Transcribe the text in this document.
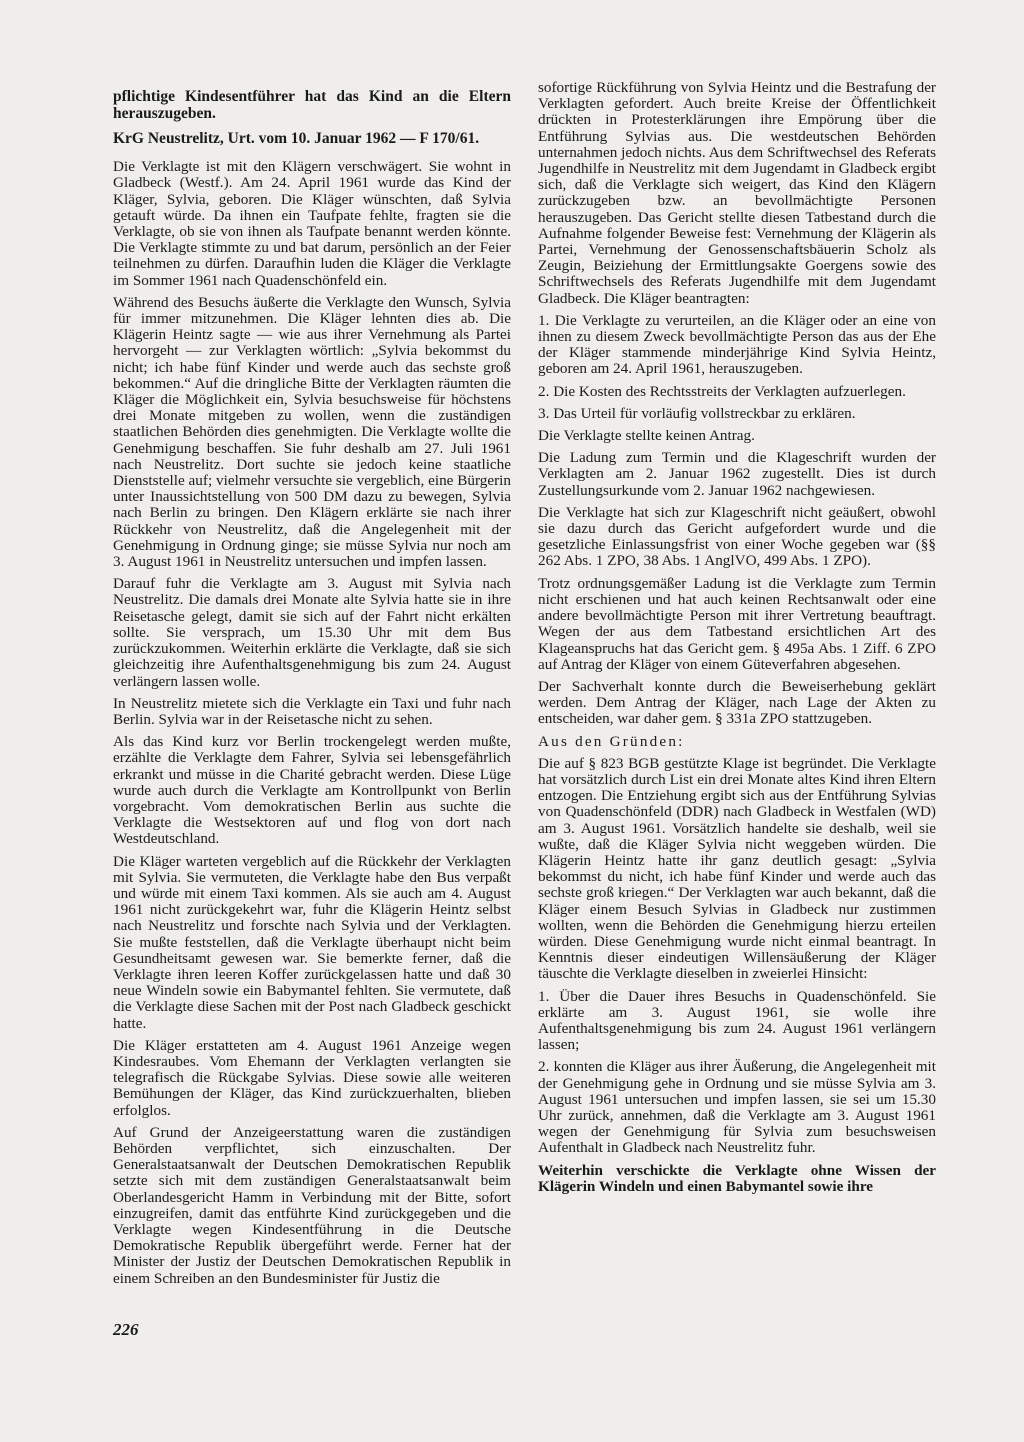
pflichtige Kindesentführer hat das Kind an die Eltern herauszugeben.

KrG Neustrelitz, Urt. vom 10. Januar 1962 — F 170/61.

Die Verklagte ist mit den Klägern verschwägert. Sie wohnt in Gladbeck (Westf.). Am 24. April 1961 wurde das Kind der Kläger, Sylvia, geboren. Die Kläger wünschten, daß Sylvia getauft würde. Da ihnen ein Taufpate fehlte, fragten sie die Verklagte, ob sie von ihnen als Taufpate benannt werden könnte. Die Verklagte stimmte zu und bat darum, persönlich an der Feier teilnehmen zu dürfen. Daraufhin luden die Kläger die Verklagte im Sommer 1961 nach Quadenschönfeld ein.

Während des Besuchs äußerte die Verklagte den Wunsch, Sylvia für immer mitzunehmen. Die Kläger lehnten dies ab. Die Klägerin Heintz sagte — wie aus ihrer Vernehmung als Partei hervorgeht — zur Verklagten wörtlich: „Sylvia bekommst du nicht; ich habe fünf Kinder und werde auch das sechste groß bekommen.“ Auf die dringliche Bitte der Verklagten räumten die Kläger die Möglichkeit ein, Sylvia besuchsweise für höchstens drei Monate mitgeben zu wollen, wenn die zuständigen staatlichen Behörden dies genehmigten. Die Verklagte wollte die Genehmigung beschaffen. Sie fuhr deshalb am 27. Juli 1961 nach Neustrelitz. Dort suchte sie jedoch keine staatliche Dienststelle auf; vielmehr versuchte sie vergeblich, eine Bürgerin unter Inaussichtstellung von 500 DM dazu zu bewegen, Sylvia nach Berlin zu bringen. Den Klägern erklärte sie nach ihrer Rückkehr von Neustrelitz, daß die Angelegenheit mit der Genehmigung in Ordnung ginge; sie müsse Sylvia nur noch am 3. August 1961 in Neustrelitz untersuchen und impfen lassen.

Darauf fuhr die Verklagte am 3. August mit Sylvia nach Neustrelitz. Die damals drei Monate alte Sylvia hatte sie in ihre Reisetasche gelegt, damit sie sich auf der Fahrt nicht erkälten sollte. Sie versprach, um 15.30 Uhr mit dem Bus zurückzukommen. Weiterhin erklärte die Verklagte, daß sie sich gleichzeitig ihre Aufenthaltsgenehmigung bis zum 24. August verlängern lassen wolle.

In Neustrelitz mietete sich die Verklagte ein Taxi und fuhr nach Berlin. Sylvia war in der Reisetasche nicht zu sehen.

Als das Kind kurz vor Berlin trockengelegt werden mußte, erzählte die Verklagte dem Fahrer, Sylvia sei lebensgefährlich erkrankt und müsse in die Charité gebracht werden. Diese Lüge wurde auch durch die Verklagte am Kontrollpunkt von Berlin vorgebracht. Vom demokratischen Berlin aus suchte die Verklagte die Westsektoren auf und flog von dort nach Westdeutschland.

Die Kläger warteten vergeblich auf die Rückkehr der Verklagten mit Sylvia. Sie vermuteten, die Verklagte habe den Bus verpaßt und würde mit einem Taxi kommen. Als sie auch am 4. August 1961 nicht zurückgekehrt war, fuhr die Klägerin Heintz selbst nach Neustrelitz und forschte nach Sylvia und der Verklagten. Sie mußte feststellen, daß die Verklagte überhaupt nicht beim Gesundheitsamt gewesen war. Sie bemerkte ferner, daß die Verklagte ihren leeren Koffer zurückgelassen hatte und daß 30 neue Windeln sowie ein Babymantel fehlten. Sie vermutete, daß die Verklagte diese Sachen mit der Post nach Gladbeck geschickt hatte.

Die Kläger erstatteten am 4. August 1961 Anzeige wegen Kindesraubes. Vom Ehemann der Verklagten verlangten sie telegrafisch die Rückgabe Sylvias. Diese sowie alle weiteren Bemühungen der Kläger, das Kind zurückzuerhalten, blieben erfolglos.

Auf Grund der Anzeigeerstattung waren die zuständigen Behörden verpflichtet, sich einzuschalten. Der Generalstaatsanwalt der Deutschen Demokratischen Republik setzte sich mit dem zuständigen Generalstaatsanwalt beim Oberlandesgericht Hamm in Verbindung mit der Bitte, sofort einzugreifen, damit das entführte Kind zurückgegeben und die Verklagte wegen Kindesentführung in die Deutsche Demokratische Republik übergeführt werde. Ferner hat der Minister der Justiz der Deutschen Demokratischen Republik in einem Schreiben an den Bundesminister für Justiz die

sofortige Rückführung von Sylvia Heintz und die Bestrafung der Verklagten gefordert. Auch breite Kreise der Öffentlichkeit drückten in Protesterklärungen ihre Empörung über die Entführung Sylvias aus. Die westdeutschen Behörden unternahmen jedoch nichts. Aus dem Schriftwechsel des Referats Jugendhilfe in Neustrelitz mit dem Jugendamt in Gladbeck ergibt sich, daß die Verklagte sich weigert, das Kind den Klägern zurückzugeben bzw. an bevollmächtigte Personen herauszugeben. Das Gericht stellte diesen Tatbestand durch die Aufnahme folgender Beweise fest: Vernehmung der Klägerin als Partei, Vernehmung der Genossenschaftsbäuerin Scholz als Zeugin, Beiziehung der Ermittlungsakte Goergens sowie des Schriftwechsels des Referats Jugendhilfe mit dem Jugendamt Gladbeck. Die Kläger beantragten:

1. Die Verklagte zu verurteilen, an die Kläger oder an eine von ihnen zu diesem Zweck bevollmächtigte Person das aus der Ehe der Kläger stammende minderjährige Kind Sylvia Heintz, geboren am 24. April 1961, herauszugeben.

2. Die Kosten des Rechtsstreits der Verklagten aufzuerlegen.

3. Das Urteil für vorläufig vollstreckbar zu erklären.

Die Verklagte stellte keinen Antrag.

Die Ladung zum Termin und die Klageschrift wurden der Verklagten am 2. Januar 1962 zugestellt. Dies ist durch Zustellungsurkunde vom 2. Januar 1962 nachgewiesen.

Die Verklagte hat sich zur Klageschrift nicht geäußert, obwohl sie dazu durch das Gericht aufgefordert wurde und die gesetzliche Einlassungsfrist von einer Woche gegeben war (§§ 262 Abs. 1 ZPO, 38 Abs. 1 AnglVO, 499 Abs. 1 ZPO).

Trotz ordnungsgemäßer Ladung ist die Verklagte zum Termin nicht erschienen und hat auch keinen Rechtsanwalt oder eine andere bevollmächtigte Person mit ihrer Vertretung beauftragt. Wegen der aus dem Tatbestand ersichtlichen Art des Klageanspruchs hat das Gericht gem. § 495a Abs. 1 Ziff. 6 ZPO auf Antrag der Kläger von einem Güteverfahren abgesehen.

Der Sachverhalt konnte durch die Beweiserhebung geklärt werden. Dem Antrag der Kläger, nach Lage der Akten zu entscheiden, war daher gem. § 331a ZPO stattzugeben.

Aus den Gründen:

Die auf § 823 BGB gestützte Klage ist begründet. Die Verklagte hat vorsätzlich durch List ein drei Monate altes Kind ihren Eltern entzogen. Die Entziehung ergibt sich aus der Entführung Sylvias von Quadenschönfeld (DDR) nach Gladbeck in Westfalen (WD) am 3. August 1961. Vorsätzlich handelte sie deshalb, weil sie wußte, daß die Kläger Sylvia nicht weggeben würden. Die Klägerin Heintz hatte ihr ganz deutlich gesagt: „Sylvia bekommst du nicht, ich habe fünf Kinder und werde auch das sechste groß kriegen.“ Der Verklagten war auch bekannt, daß die Kläger einem Besuch Sylvias in Gladbeck nur zustimmen wollten, wenn die Behörden die Genehmigung hierzu erteilen würden. Diese Genehmigung wurde nicht einmal beantragt. In Kenntnis dieser eindeutigen Willensäußerung der Kläger täuschte die Verklagte dieselben in zweierlei Hinsicht:

1. Über die Dauer ihres Besuchs in Quadenschönfeld. Sie erklärte am 3. August 1961, sie wolle ihre Aufenthaltsgenehmigung bis zum 24. August 1961 verlängern lassen;

2. konnten die Kläger aus ihrer Äußerung, die Angelegenheit mit der Genehmigung gehe in Ordnung und sie müsse Sylvia am 3. August 1961 untersuchen und impfen lassen, sie sei um 15.30 Uhr zurück, annehmen, daß die Verklagte am 3. August 1961 wegen der Genehmigung für Sylvia zum besuchsweisen Aufenthalt in Gladbeck nach Neustrelitz fuhr.

Weiterhin verschickte die Verklagte ohne Wissen der Klägerin Windeln und einen Babymantel sowie ihre

226
